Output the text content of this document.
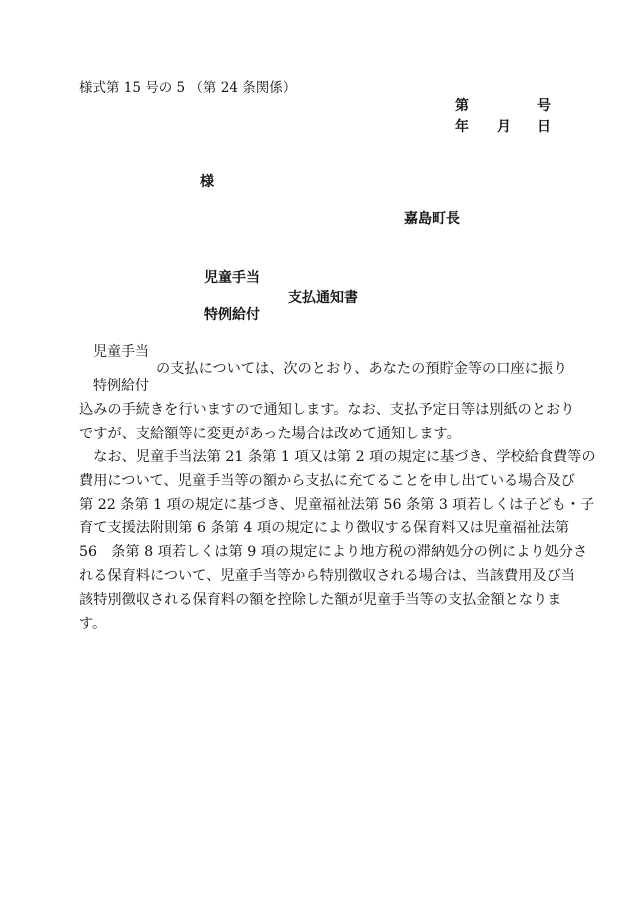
様式第 15 号の 5 （第 24 条関係）
第	号
年 月 日
様
嘉島町長
児童手当
支払通知書
特例給付
児童手当
の支払については、次のとおり、あなたの預貯金等の口座に振り
特例給付
込みの手続きを行いますので通知します。なお、支払予定日等は別紙のとおり
ですが、支給額等に変更があった場合は改めて通知します。
　なお、児童手当法第 21 条第 1 項又は第 2 項の規定に基づき、学校給食費等の
費用について、児童手当等の額から支払に充てることを申し出ている場合及び
第 22 条第 1 項の規定に基づき、児童福祉法第 56 条第 3 項若しくは子ども・子
育て支援法附則第 6 条第 4 項の規定により徴収する保育料又は児童福祉法第
56　条第 8 項若しくは第 9 項の規定により地方税の滞納処分の例により処分さ
れる保育料について、児童手当等から特別徴収される場合は、当該費用及び当
該特別徴収される保育料の額を控除した額が児童手当等の支払金額となりま
す。
